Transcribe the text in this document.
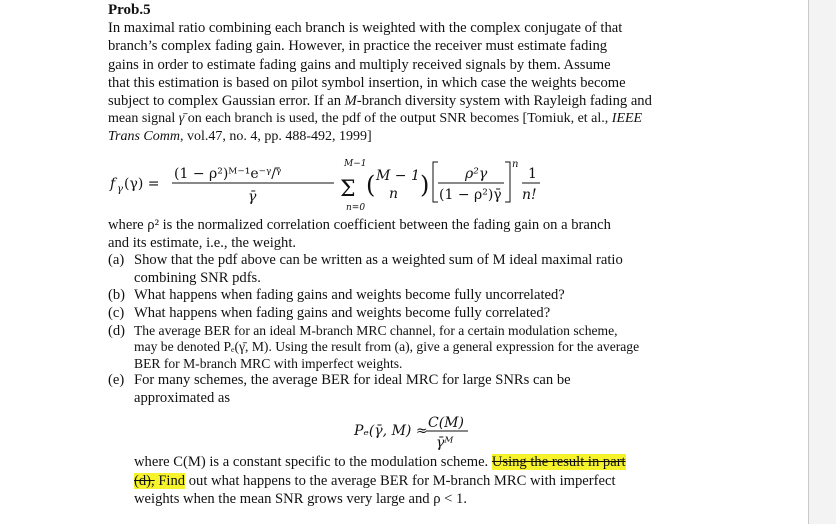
Prob.5

In maximal ratio combining each branch is weighted with the complex conjugate of that

branch’s complex fading gain. However, in practice the receiver must estimate fading

gains in order to estimate fading gains and multiply received signals by them. Assume

that this estimation is based on pilot symbol insertion, in which case the weights become

subject to complex Gaussian error. If an M-branch diversity system with Rayleigh fading and

mean signal γ̄ on each branch is used, the pdf of the output SNR becomes [Tomiuk, et al., IEEE

Trans Comm, vol.47, no. 4, pp. 488-492, 1999]

f γ (γ) =
(1 − ρ²)ᴹ⁻¹e⁻ᵞ/ᵞ̄
γ̄
M−1
Σ
n=0
( M − 1
n )	ρ²γ
(1 − ρ²)γ̄
n
1
n!

where ρ² is the normalized correlation coefficient between the fading gain on a branch

and its estimate, i.e., the weight.

(a) Show that the pdf above can be written as a weighted sum of M ideal maximal ratio
combining SNR pdfs.
(b) What happens when fading gains and weights become fully uncorrelated?
(c) What happens when fading gains and weights become fully correlated?
(d) The average BER for an ideal M-branch MRC channel, for a certain modulation scheme,
may be denoted Pₑ(γ̄, M). Using the result from (a), give a general expression for the average
BER for M-branch MRC with imperfect weights.
(e) For many schemes, the average BER for ideal MRC for large SNRs can be
approximated as
Pₑ(γ̄, M) ≈ C(M)
γ̄ᴹ

where C(M) is a constant specific to the modulation scheme. Using the result in part

(d), Find out what happens to the average BER for M-branch MRC with imperfect

weights when the mean SNR grows very large and ρ < 1.
